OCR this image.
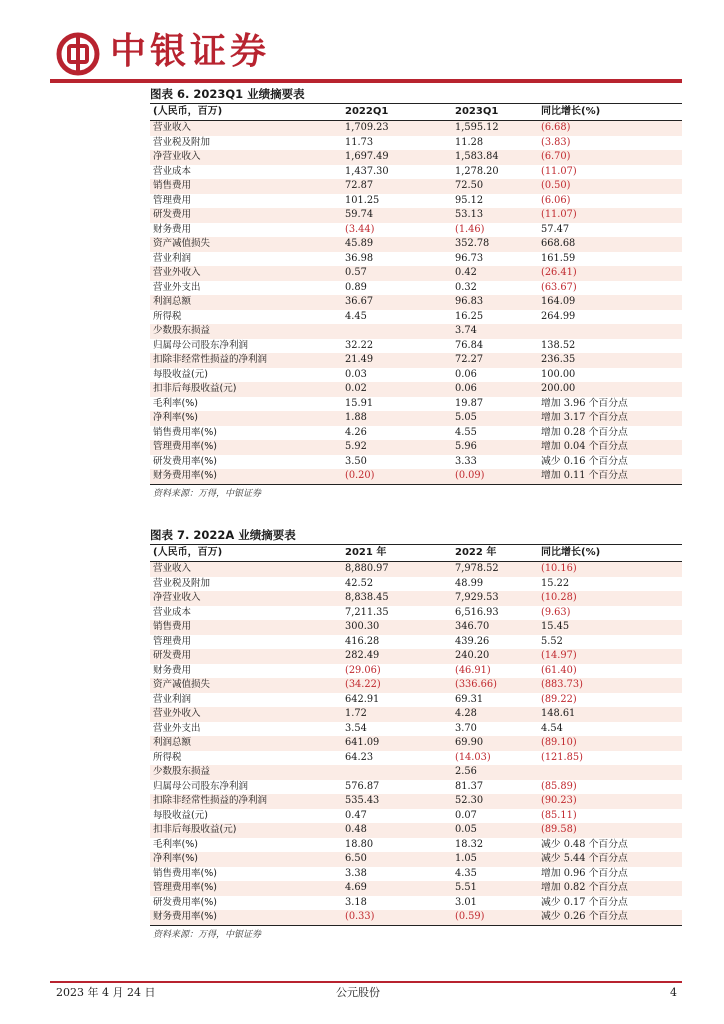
中银证券
图表 6. 2023Q1 业绩摘要表
(人民币，百万)	2022Q1	2023Q1	同比增长(%)
营业收入	1,709.23	1,595.12	(6.68)
营业税及附加	11.73	11.28	(3.83)
净营业收入	1,697.49	1,583.84	(6.70)
营业成本	1,437.30	1,278.20	(11.07)
销售费用	72.87	72.50	(0.50)
管理费用	101.25	95.12	(6.06)
研发费用	59.74	53.13	(11.07)
财务费用	(3.44)	(1.46)	57.47
资产减值损失	45.89	352.78	668.68
营业利润	36.98	96.73	161.59
营业外收入	0.57	0.42	(26.41)
营业外支出	0.89	0.32	(63.67)
利润总额	36.67	96.83	164.09
所得税	4.45	16.25	264.99
少数股东损益		3.74	
归属母公司股东净利润	32.22	76.84	138.52
扣除非经常性损益的净利润	21.49	72.27	236.35
每股收益(元)	0.03	0.06	100.00
扣非后每股收益(元)	0.02	0.06	200.00
毛利率(%)	15.91	19.87	增加 3.96 个百分点
净利率(%)	1.88	5.05	增加 3.17 个百分点
销售费用率(%)	4.26	4.55	增加 0.28 个百分点
管理费用率(%)	5.92	5.96	增加 0.04 个百分点
研发费用率(%)	3.50	3.33	减少 0.16 个百分点
财务费用率(%)	(0.20)	(0.09)	增加 0.11 个百分点
资料来源：万得，中银证券
图表 7. 2022A 业绩摘要表
(人民币，百万)	2021 年	2022 年	同比增长(%)
营业收入	8,880.97	7,978.52	(10.16)
营业税及附加	42.52	48.99	15.22
净营业收入	8,838.45	7,929.53	(10.28)
营业成本	7,211.35	6,516.93	(9.63)
销售费用	300.30	346.70	15.45
管理费用	416.28	439.26	5.52
研发费用	282.49	240.20	(14.97)
财务费用	(29.06)	(46.91)	(61.40)
资产减值损失	(34.22)	(336.66)	(883.73)
营业利润	642.91	69.31	(89.22)
营业外收入	1.72	4.28	148.61
营业外支出	3.54	3.70	4.54
利润总额	641.09	69.90	(89.10)
所得税	64.23	(14.03)	(121.85)
少数股东损益		2.56	
归属母公司股东净利润	576.87	81.37	(85.89)
扣除非经常性损益的净利润	535.43	52.30	(90.23)
每股收益(元)	0.47	0.07	(85.11)
扣非后每股收益(元)	0.48	0.05	(89.58)
毛利率(%)	18.80	18.32	减少 0.48 个百分点
净利率(%)	6.50	1.05	减少 5.44 个百分点
销售费用率(%)	3.38	4.35	增加 0.96 个百分点
管理费用率(%)	4.69	5.51	增加 0.82 个百分点
研发费用率(%)	3.18	3.01	减少 0.17 个百分点
财务费用率(%)	(0.33)	(0.59)	减少 0.26 个百分点
资料来源：万得，中银证券
2023 年 4 月 24 日	公元股份	4
